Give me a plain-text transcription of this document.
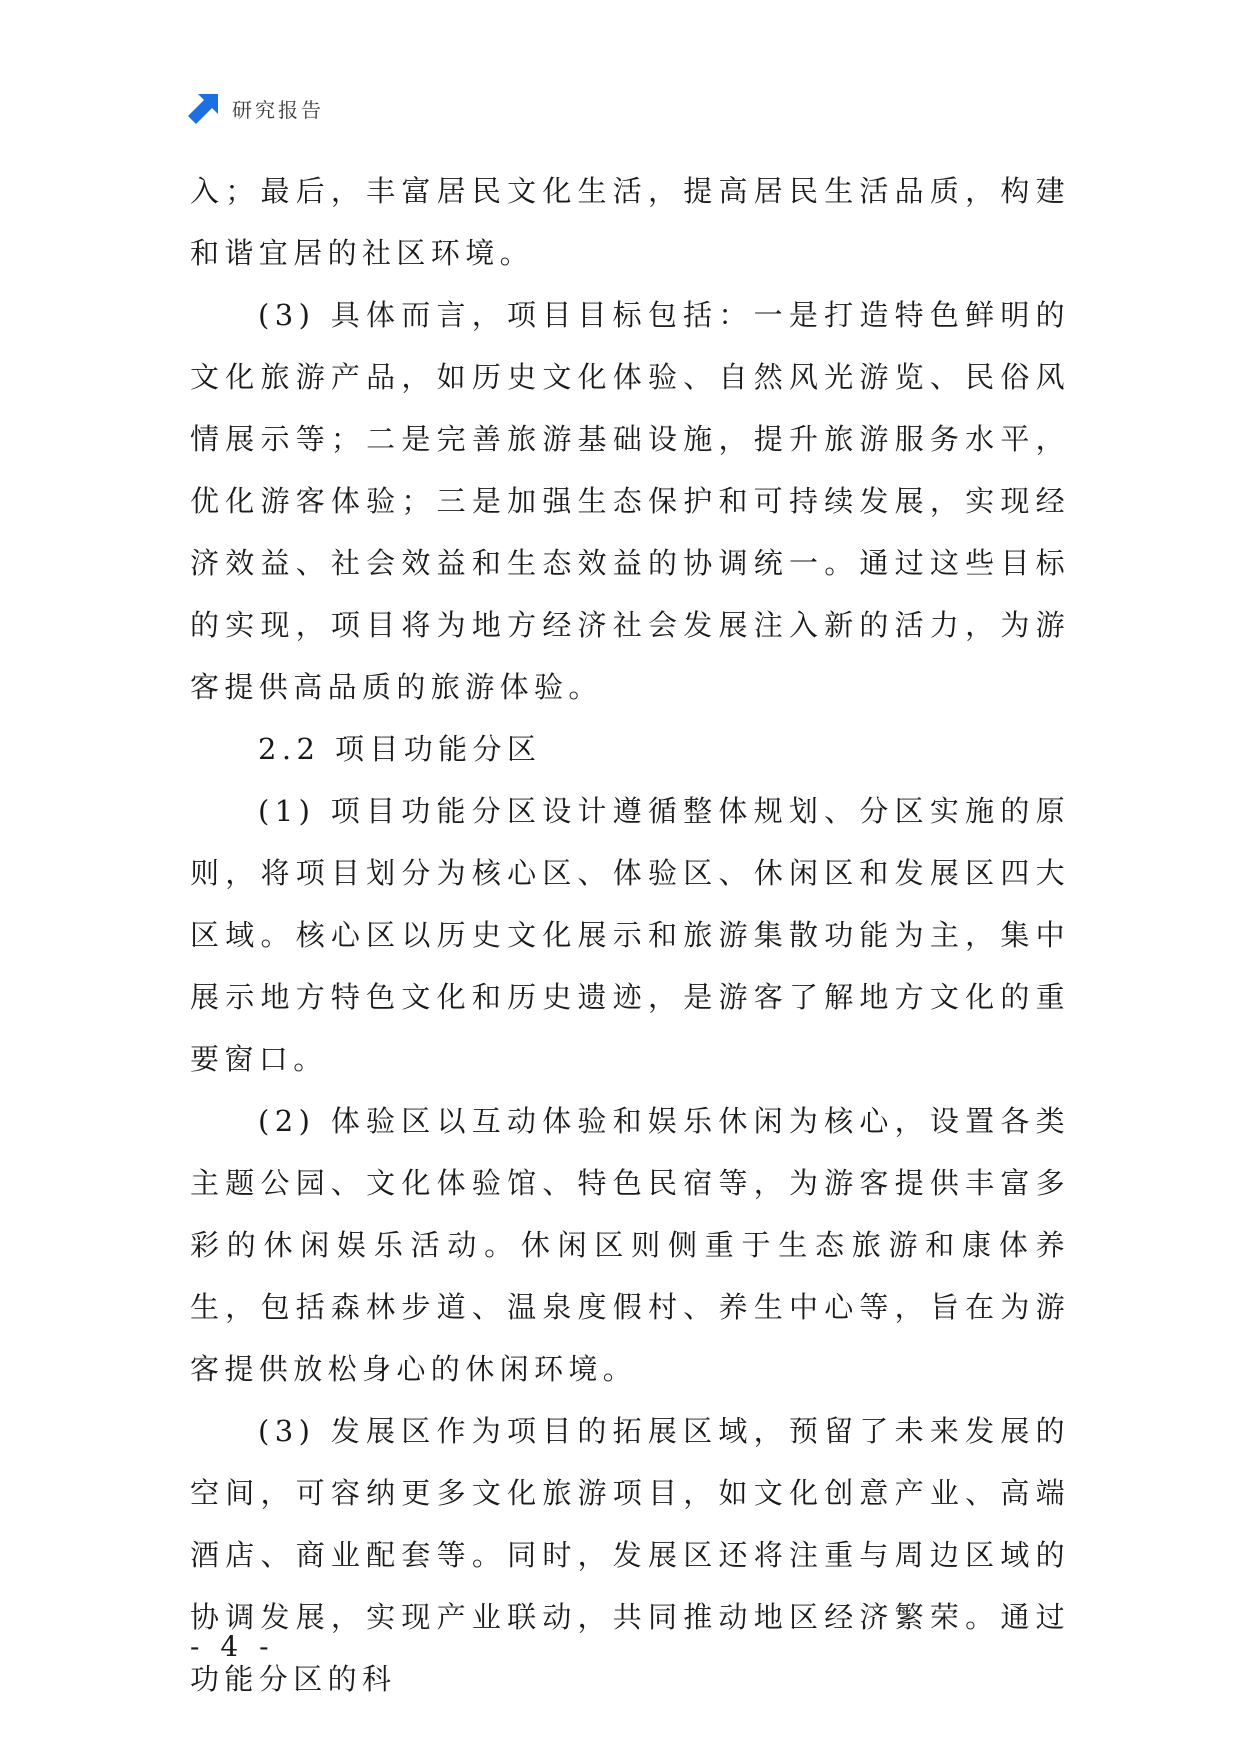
研究报告

入；最后，丰富居民文化生活，提高居民生活品质，构建和谐宜居的社区环境。

(3) 具体而言，项目目标包括：一是打造特色鲜明的文化旅游产品，如历史文化体验、自然风光游览、民俗风情展示等；二是完善旅游基础设施，提升旅游服务水平，优化游客体验；三是加强生态保护和可持续发展，实现经济效益、社会效益和生态效益的协调统一。通过这些目标的实现，项目将为地方经济社会发展注入新的活力，为游客提供高品质的旅游体验。

2.2 项目功能分区

(1) 项目功能分区设计遵循整体规划、分区实施的原则，将项目划分为核心区、体验区、休闲区和发展区四大区域。核心区以历史文化展示和旅游集散功能为主，集中展示地方特色文化和历史遗迹，是游客了解地方文化的重要窗口。

(2) 体验区以互动体验和娱乐休闲为核心，设置各类主题公园、文化体验馆、特色民宿等，为游客提供丰富多彩的休闲娱乐活动。休闲区则侧重于生态旅游和康体养生，包括森林步道、温泉度假村、养生中心等，旨在为游客提供放松身心的休闲环境。

(3) 发展区作为项目的拓展区域，预留了未来发展的空间，可容纳更多文化旅游项目，如文化创意产业、高端酒店、商业配套等。同时，发展区还将注重与周边区域的协调发展，实现产业联动，共同推动地区经济繁荣。通过功能分区的科

- 4 -
